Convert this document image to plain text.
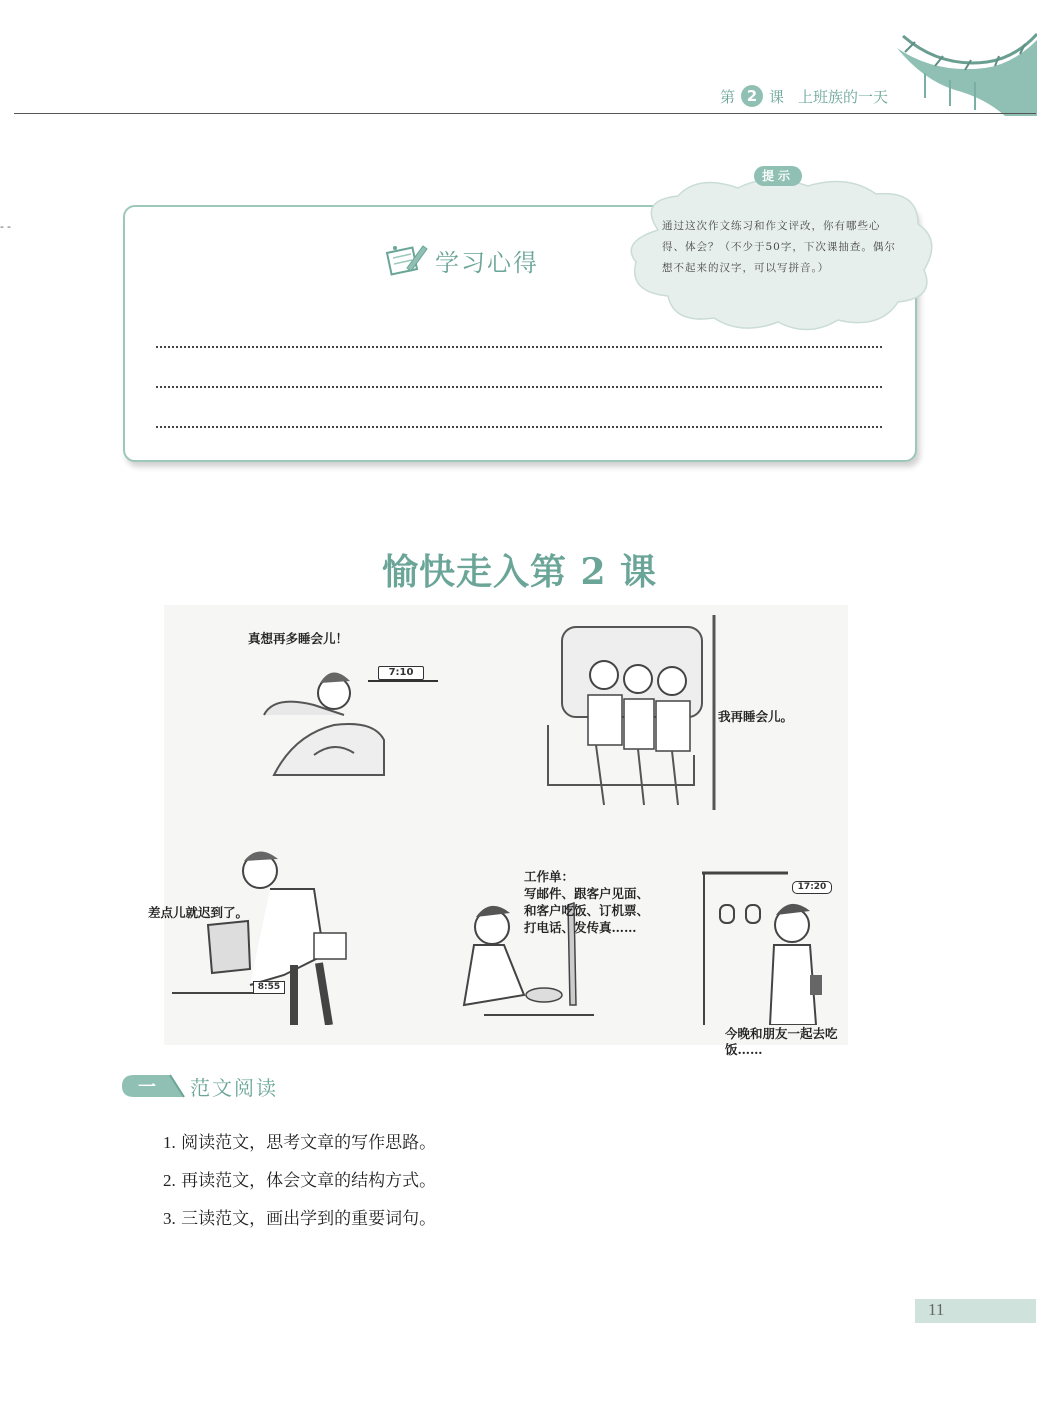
第 2 课 上班族的一天
--
学习心得
提示
通过这次作文练习和作文评改，你有哪些心得、体会？（不少于50字，下次课抽查。偶尔想不起来的汉字，可以写拼音。）
愉快走入第 2 课
真想再多睡会儿！
7:10
我再睡会儿。
差点儿就迟到了。
8:55
工作单：
写邮件、跟客户见面、
和客户吃饭、订机票、
打电话、发传真……
17:20
今晚和朋友一起去吃饭……
一 范文阅读
1. 阅读范文，思考文章的写作思路。
2. 再读范文，体会文章的结构方式。
3. 三读范文，画出学到的重要词句。
11
